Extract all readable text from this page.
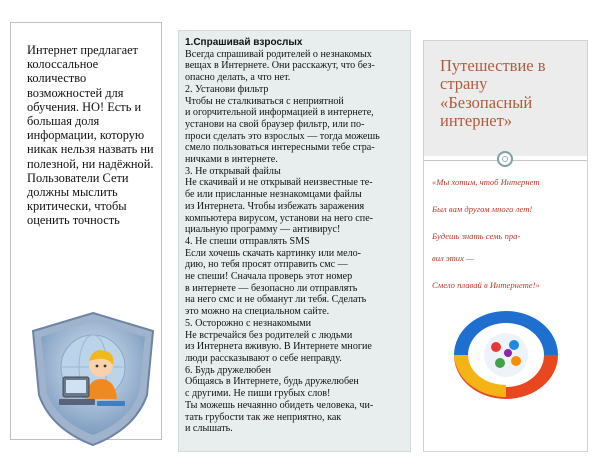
Интернет предлагает колоссальное количество возможностей для обучения. НО! Есть и большая доля информации, которую никак нельзя назвать ни полезной, ни надёжной. Пользователи Сети должны мыслить критически, чтобы оценить точность
1.Спрашивай взрослых

Всегда спрашивай родителей о незнакомых
вещах в Интернете. Они расскажут, что без-
опасно делать, а что нет.
2. Установи фильтр
Чтобы не сталкиваться с неприятной
и огорчительной информацией в интернете,
установи на свой браузер фильтр, или по-
проси сделать это взрослых — тогда можешь
смело пользоваться интересными тебе стра-
ничками в интернете.
3. Не открывай файлы
Не скачивай и не открывай неизвестные те-
бе или присланные незнакомцами файлы
из Интернета. Чтобы избежать заражения
компьютера вирусом, установи на него спе-
циальную программу — антивирус!
4. Не спеши отправлять SMS
Если хочешь скачать картинку или мело-
дию, но тебя просят отправить смс —
не спеши! Сначала проверь этот номер
в интернете — безопасно ли отправлять
на него смс и не обманут ли тебя. Сделать
это можно на специальном сайте.
5. Осторожно с незнакомыми
Не встречайся без родителей с людьми
из Интернета вживую. В Интернете многие
люди рассказывают о себе неправду.
6. Будь дружелюбен
Общаясь в Интернете, будь дружелюбен
с другими. Не пиши грубых слов!
Ты можешь нечаянно обидеть человека, чи-
тать грубости так же неприятно, как
и слышать.

Путешествие в страну «Безопасный интернет»
«Мы хотим, чтоб Интернет
Был вам другом много лет!
Будешь знать семь пра-
вил этих —
Смело плавай в Интернете!»
